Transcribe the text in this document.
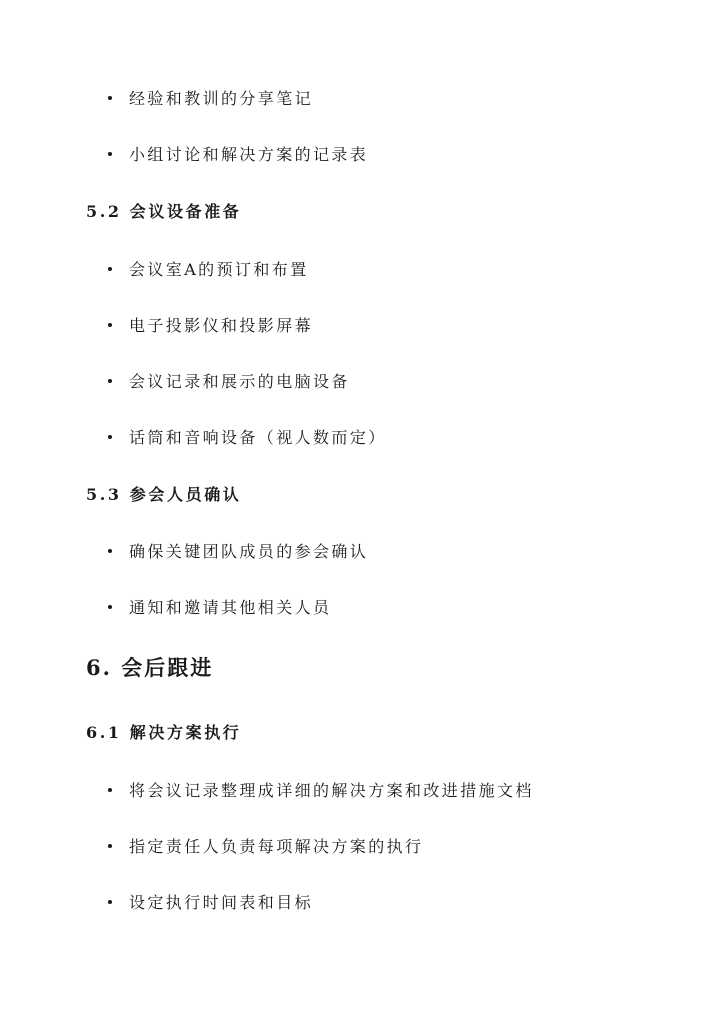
经验和教训的分享笔记
小组讨论和解决方案的记录表
5.2 会议设备准备
会议室A的预订和布置
电子投影仪和投影屏幕
会议记录和展示的电脑设备
话筒和音响设备（视人数而定）
5.3 参会人员确认
确保关键团队成员的参会确认
通知和邀请其他相关人员
6. 会后跟进
6.1 解决方案执行
将会议记录整理成详细的解决方案和改进措施文档
指定责任人负责每项解决方案的执行
设定执行时间表和目标
